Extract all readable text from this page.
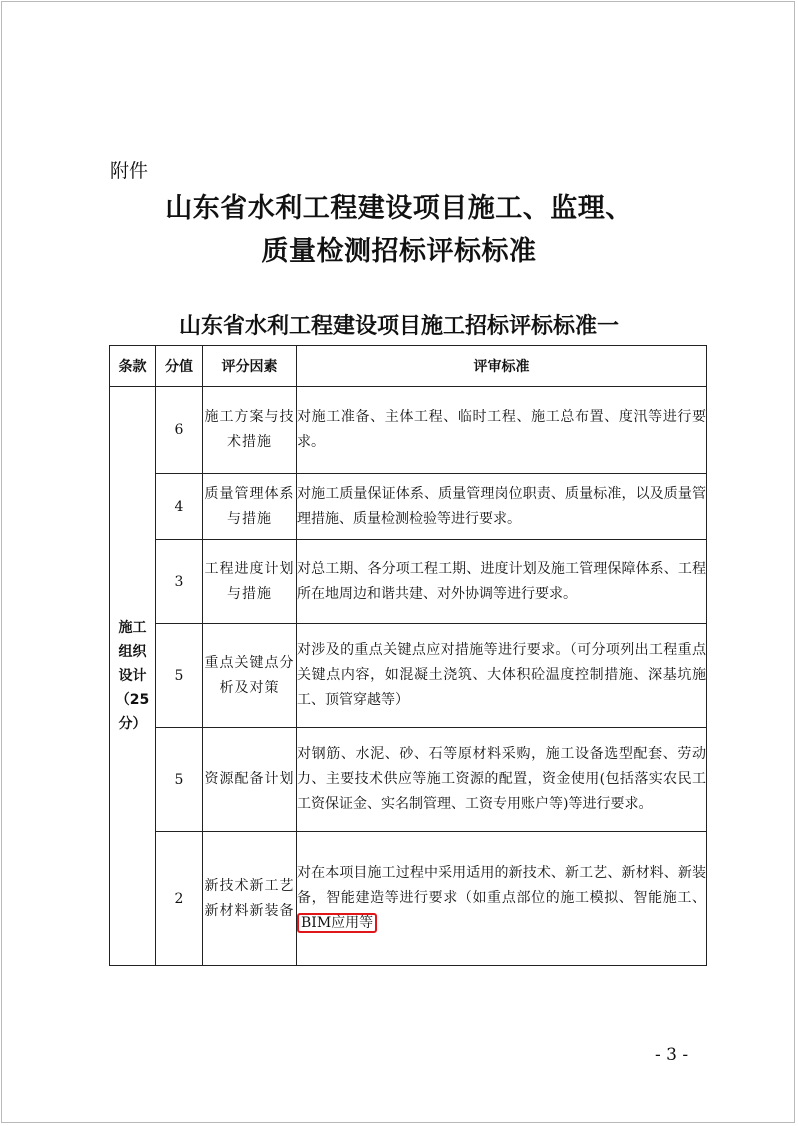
附件
山东省水利工程建设项目施工、监理、
质量检测招标评标标准
山东省水利工程建设项目施工招标评标标准一
条款	分值	评分因素	评审标准

施工
组织
设计
（25
分）	6	施工方案与技术措施	对施工准备、主体工程、临时工程、施工总布置、度汛等进行要求。
	4	质量管理体系与措施	对施工质量保证体系、质量管理岗位职责、质量标准，以及质量管理措施、质量检测检验等进行要求。
	3	工程进度计划与措施	对总工期、各分项工程工期、进度计划及施工管理保障体系、工程所在地周边和谐共建、对外协调等进行要求。
	5	重点关键点分析及对策	对涉及的重点关键点应对措施等进行要求。（可分项列出工程重点关键点内容，如混凝土浇筑、大体积砼温度控制措施、深基坑施工、顶管穿越等）
	5	资源配备计划	对钢筋、水泥、砂、石等原材料采购，施工设备选型配套、劳动力、主要技术供应等施工资源的配置，资金使用(包括落实农民工工资保证金、实名制管理、工资专用账户等)等进行要求。
	2	新技术新工艺新材料新装备	对在本项目施工过程中采用适用的新技术、新工艺、新材料、新装备，智能建造等进行要求（如重点部位的施工模拟、智能施工、BIM应用等
- 3 -
